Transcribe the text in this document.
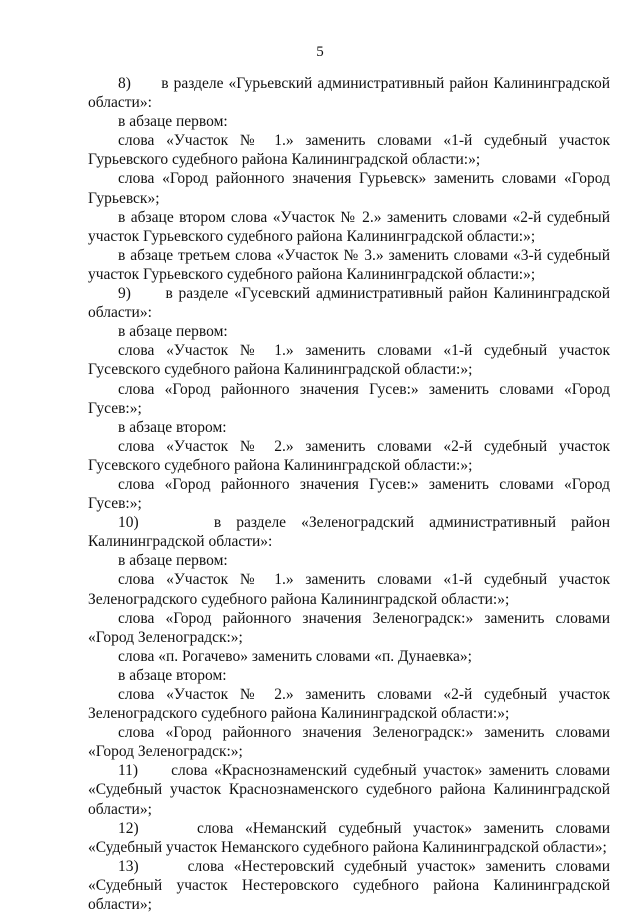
5
8)      в разделе «Гурьевский административный район Калининградской
области»:
в абзаце первом:
слова «Участок № 1.» заменить словами «1-й судебный участок
Гурьевского судебного района Калининградской области:»;
слова «Город районного значения Гурьевск» заменить словами «Город
Гурьевск»;
в абзаце втором слова «Участок № 2.» заменить словами «2-й судебный
участок Гурьевского судебного района Калининградской области:»;
в абзаце третьем слова «Участок № 3.» заменить словами «3-й судебный
участок Гурьевского судебного района Калининградской области:»;
9)      в разделе «Гусевский административный район Калининградской
области»:
в абзаце первом:
слова «Участок № 1.» заменить словами «1-й судебный участок
Гусевского судебного района Калининградской области:»;
слова «Город районного значения Гусев:» заменить словами «Город
Гусев:»;
в абзаце втором:
слова «Участок № 2.» заменить словами «2-й судебный участок
Гусевского судебного района Калининградской области:»;
слова «Город районного значения Гусев:» заменить словами «Город
Гусев:»;
10)     в разделе «Зеленоградский административный район
Калининградской области»:
в абзаце первом:
слова «Участок № 1.» заменить словами «1-й судебный участок
Зеленоградского судебного района Калининградской области:»;
слова «Город районного значения Зеленоградск:» заменить словами
«Город Зеленоградск:»;
слова «п. Рогачево» заменить словами «п. Дунаевка»;
в абзаце втором:
слова «Участок № 2.» заменить словами «2-й судебный участок
Зеленоградского судебного района Калининградской области:»;
слова «Город районного значения Зеленоградск:» заменить словами
«Город Зеленоградск:»;
11)     слова «Краснознаменский судебный участок» заменить словами
«Судебный участок Краснознаменского судебного района Калининградской
области»;
12)     слова «Неманский судебный участок» заменить словами
«Судебный участок Неманского судебного района Калининградской области»;
13)     слова «Нестеровский судебный участок» заменить словами
«Судебный участок Нестеровского судебного района Калининградской
области»;
